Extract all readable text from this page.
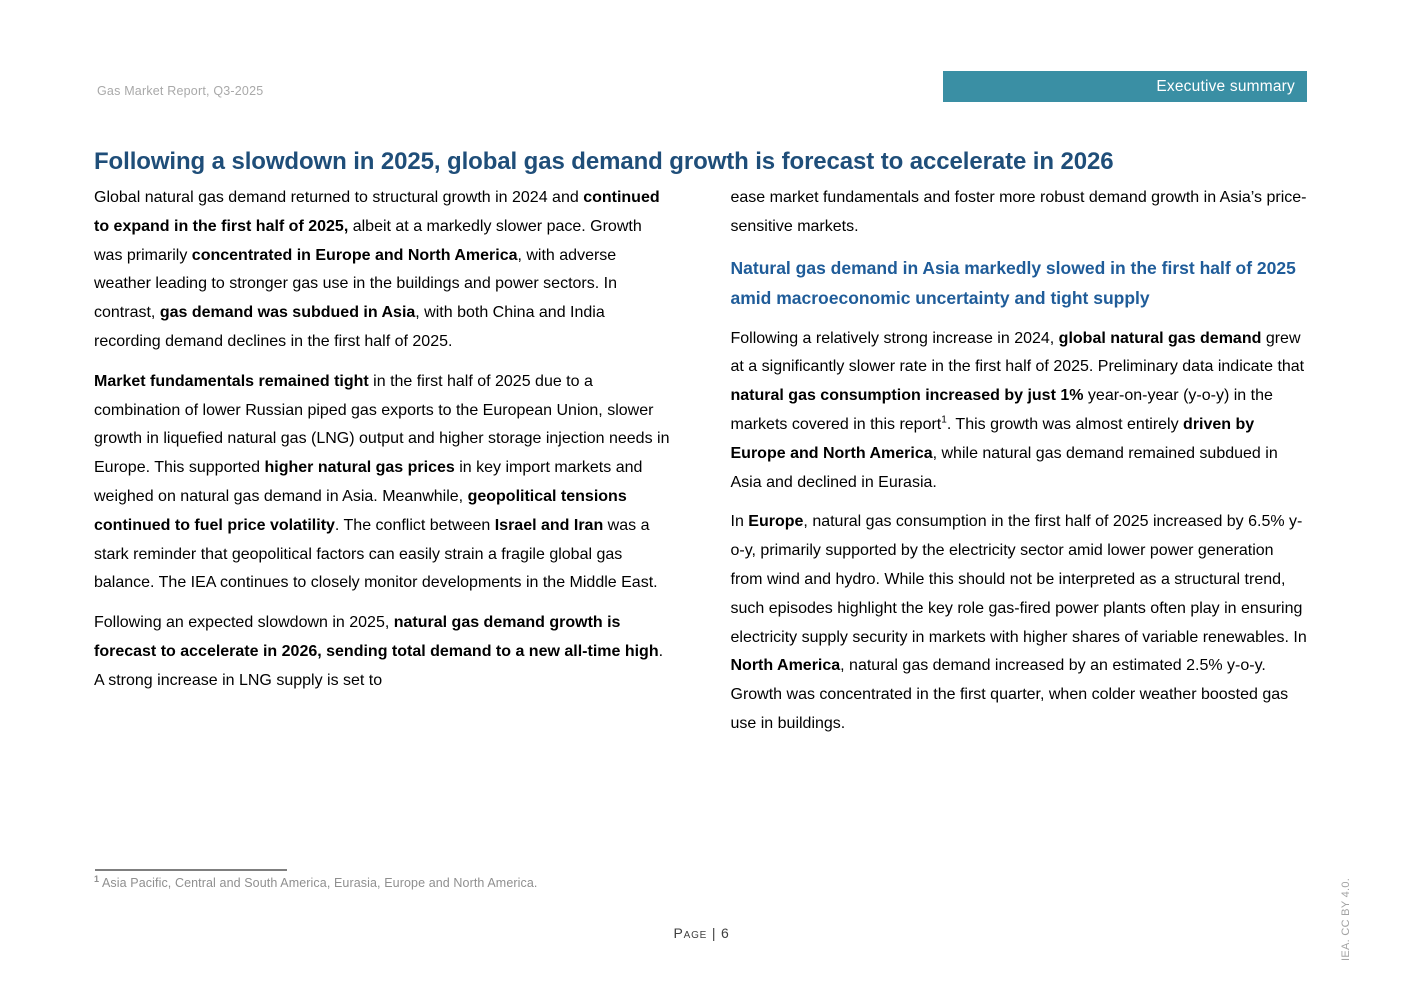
Gas Market Report, Q3-2025	Executive summary
Following a slowdown in 2025, global gas demand growth is forecast to accelerate in 2026

Global natural gas demand returned to structural growth in 2024 and continued to expand in the first half of 2025, albeit at a markedly slower pace. Growth was primarily concentrated in Europe and North America, with adverse weather leading to stronger gas use in the buildings and power sectors. In contrast, gas demand was subdued in Asia, with both China and India recording demand declines in the first half of 2025.

Market fundamentals remained tight in the first half of 2025 due to a combination of lower Russian piped gas exports to the European Union, slower growth in liquefied natural gas (LNG) output and higher storage injection needs in Europe. This supported higher natural gas prices in key import markets and weighed on natural gas demand in Asia. Meanwhile, geopolitical tensions continued to fuel price volatility. The conflict between Israel and Iran was a stark reminder that geopolitical factors can easily strain a fragile global gas balance. The IEA continues to closely monitor developments in the Middle East.

Following an expected slowdown in 2025, natural gas demand growth is forecast to accelerate in 2026, sending total demand to a new all-time high. A strong increase in LNG supply is set to

ease market fundamentals and foster more robust demand growth in Asia’s price-sensitive markets.

Natural gas demand in Asia markedly slowed in the first half of 2025 amid macroeconomic uncertainty and tight supply

Following a relatively strong increase in 2024, global natural gas demand grew at a significantly slower rate in the first half of 2025. Preliminary data indicate that natural gas consumption increased by just 1% year-on-year (y-o-y) in the markets covered in this report$^1$. This growth was almost entirely driven by Europe and North America, while natural gas demand remained subdued in Asia and declined in Eurasia.

In Europe, natural gas consumption in the first half of 2025 increased by 6.5% y-o-y, primarily supported by the electricity sector amid lower power generation from wind and hydro. While this should not be interpreted as a structural trend, such episodes highlight the key role gas-fired power plants often play in ensuring electricity supply security in markets with higher shares of variable renewables. In North America, natural gas demand increased by an estimated 2.5% y-o-y. Growth was concentrated in the first quarter, when colder weather boosted gas use in buildings.

$^1$ Asia Pacific, Central and South America, Eurasia, Europe and North America.
Page | 6	IEA. CC BY 4.0.
